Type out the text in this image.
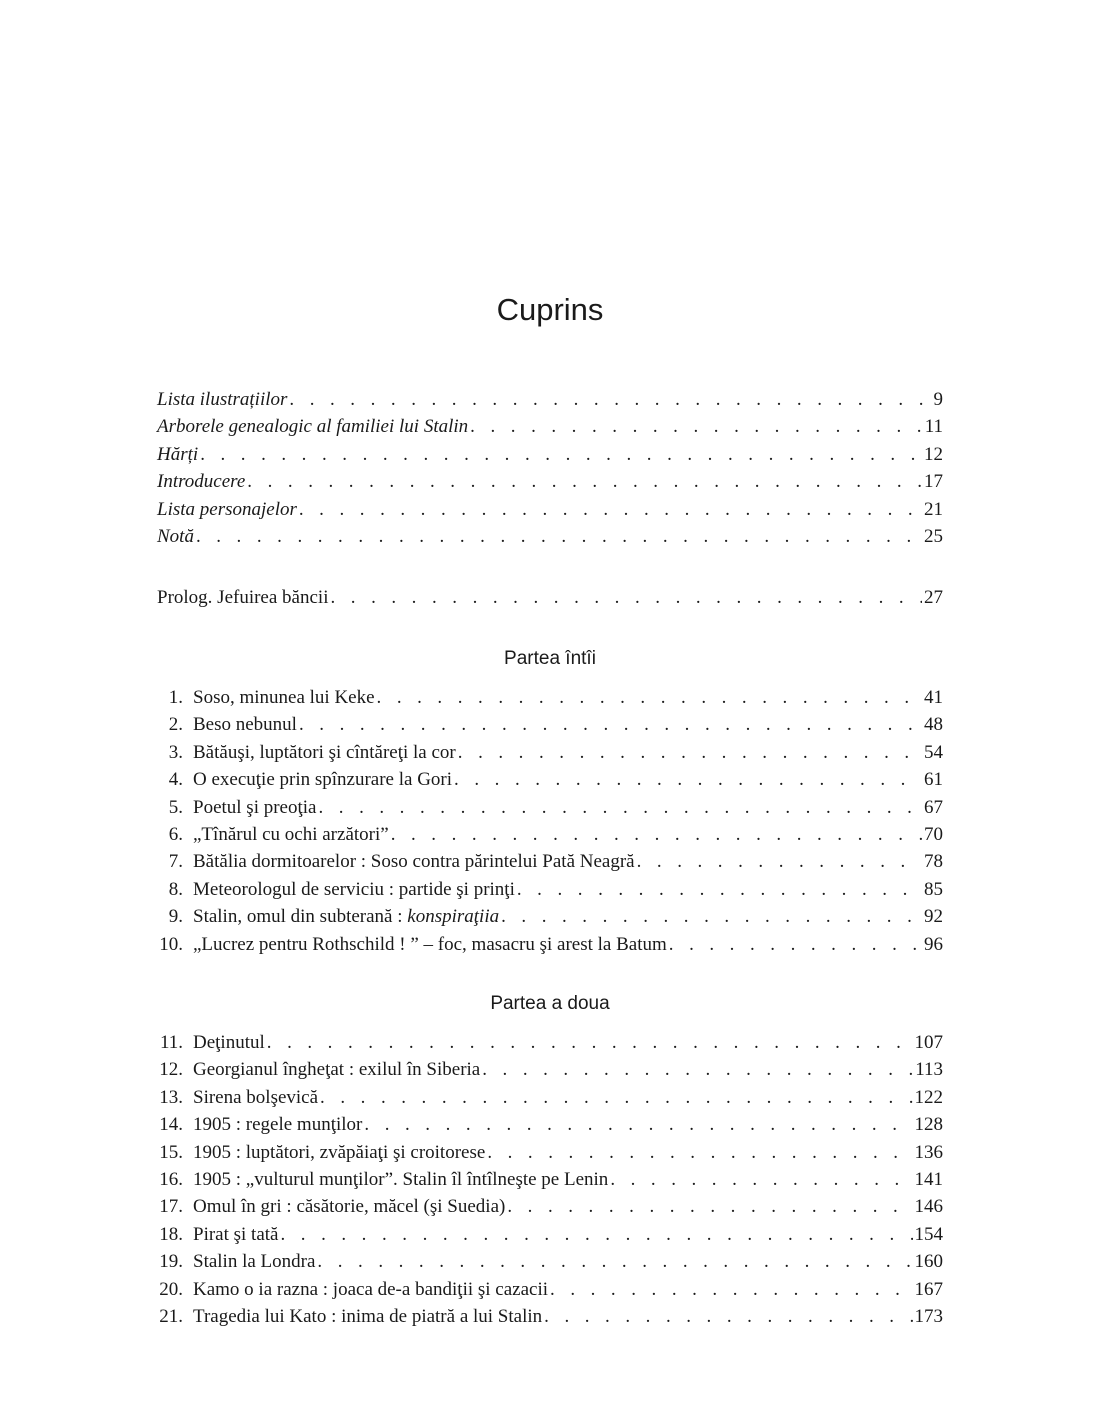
Cuprins
Lista ilustrațiilor . . .	9
Arborele genealogic al familiei lui Stalin . . .	11
Hărți . . .	12
Introducere . . .	17
Lista personajelor . . .	21
Notă . . .	25
Prolog. Jefuirea băncii . . .	27
Partea întîi
1. Soso, minunea lui Keke . . .	41
2. Beso nebunul . . .	48
3. Bătăuşi, luptători şi cîntăreţi la cor . . .	54
4. O execuţie prin spînzurare la Gori . . .	61
5. Poetul şi preoţia . . .	67
6. „Tînărul cu ochi arzători” . . .	70
7. Bătălia dormitoarelor : Soso contra părintelui Pată Neagră . . .	78
8. Meteorologul de serviciu : partide şi prinţi . . .	85
9. Stalin, omul din subterană : konspiraţiia . . .	92
10. „Lucrez pentru Rothschild ! ” – foc, masacru şi arest la Batum . . .	96
Partea a doua
11. Deţinutul . . .	107
12. Georgianul îngheţat : exilul în Siberia . . .	113
13. Sirena bolşevică . . .	122
14. 1905 : regele munţilor . . .	128
15. 1905 : luptători, zvăpăiaţi şi croitorese . . .	136
16. 1905 : „vulturul munţilor”. Stalin îl întîlneşte pe Lenin . . .	141
17. Omul în gri : căsătorie, măcel (şi Suedia) . . .	146
18. Pirat şi tată . . .	154
19. Stalin la Londra . . .	160
20. Kamo o ia razna : joaca de-a bandiţii şi cazacii . . .	167
21. Tragedia lui Kato : inima de piatră a lui Stalin . . .	173
